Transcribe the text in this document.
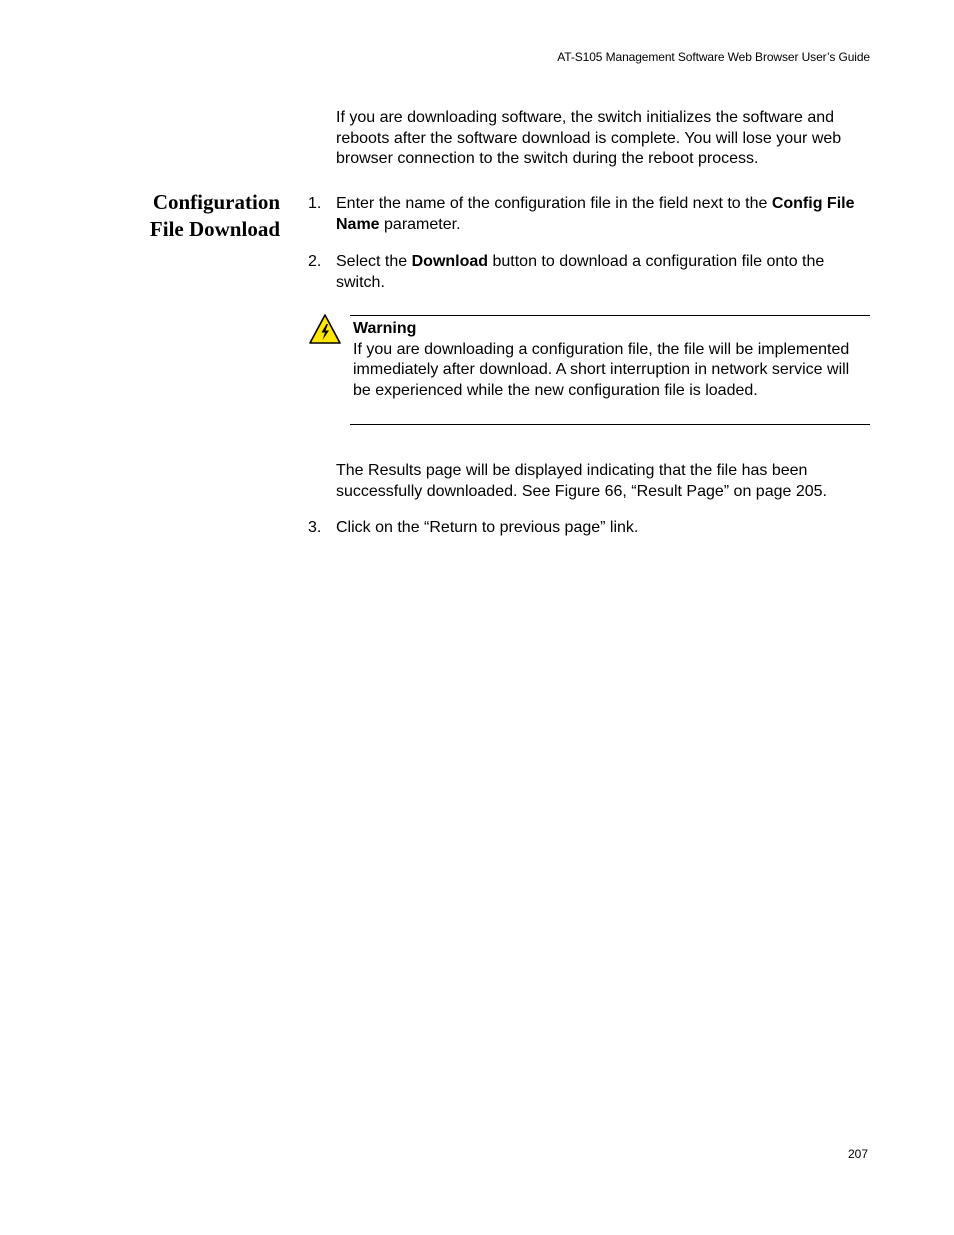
AT-S105 Management Software Web Browser User’s Guide

If you are downloading software, the switch initializes the software and reboots after the software download is complete. You will lose your web browser connection to the switch during the reboot process.

Configuration
File Download
1. Enter the name of the configuration file in the field next to the Config File Name parameter.
2. Select the Download button to download a configuration file onto the switch.
Warning
If you are downloading a configuration file, the file will be implemented immediately after download. A short interruption in network service will be experienced while the new configuration file is loaded.

The Results page will be displayed indicating that the file has been successfully downloaded. See Figure 66, “Result Page” on page 205.

3. Click on the “Return to previous page” link.
207
